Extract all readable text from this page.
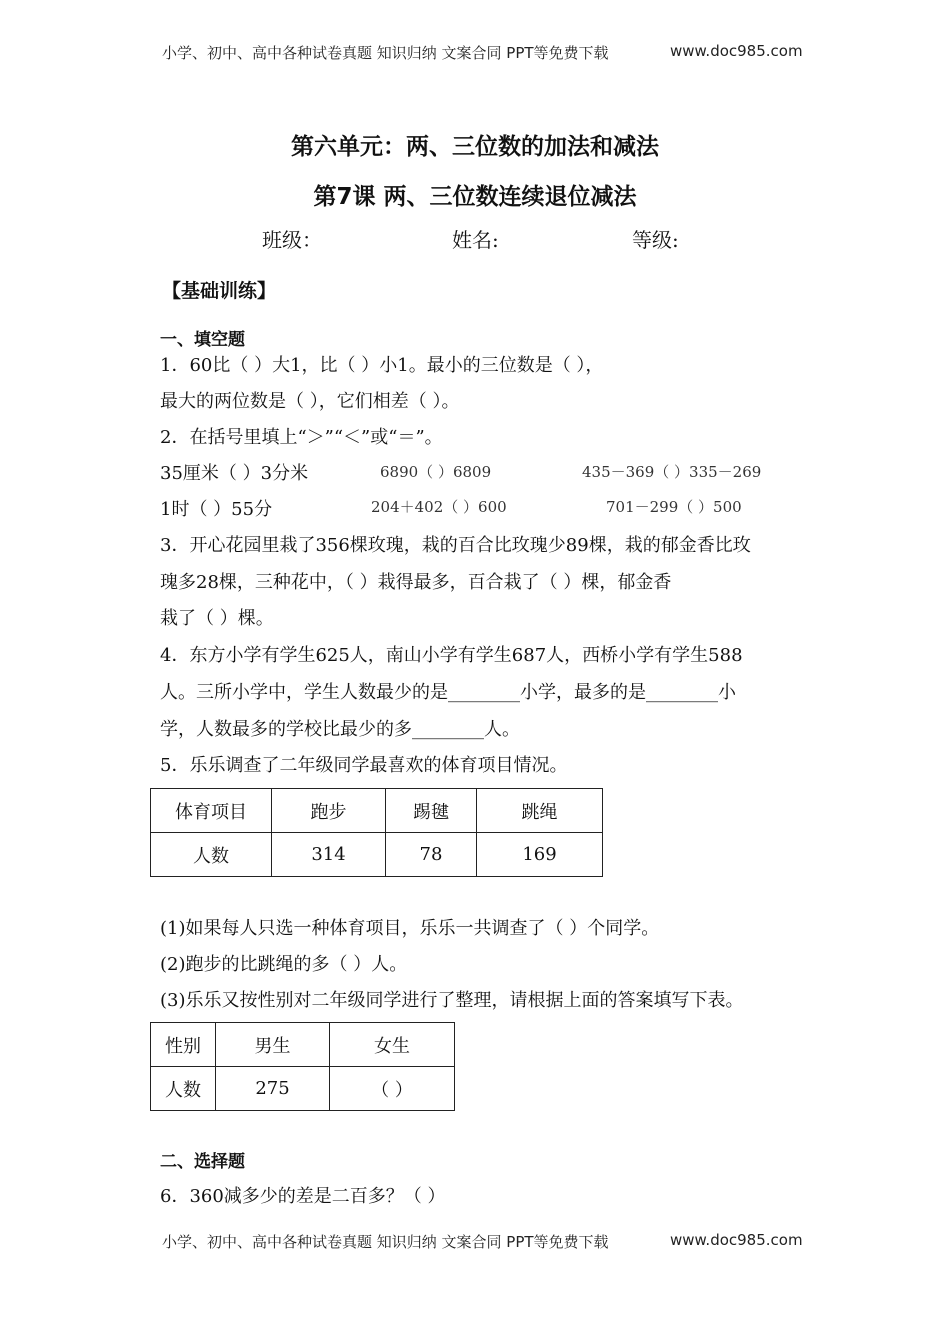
小学、初中、高中各种试卷真题 知识归纳 文案合同 PPT等免费下载	www.doc985.com
第六单元：两、三位数的加法和减法
第7课 两、三位数连续退位减法
班级：	姓名:	等级:
【基础训练】
一、填空题
1．60比（ ）大1，比（ ）小1。最小的三位数是（ ），
最大的两位数是（ ），它们相差（ ）。
2．在括号里填上“＞”“＜”或“＝”。
35厘米（ ）3分米	6890（ ）6809	435－369（ ）335－269
1时（ ）55分	204＋402（ ）600	701－299（ ）500
3．开心花园里栽了356棵玫瑰，栽的百合比玫瑰少89棵，栽的郁金香比玫
瑰多28棵，三种花中，（ ）栽得最多，百合栽了（ ）棵，郁金香
栽了（ ）棵。
4．东方小学有学生625人，南山小学有学生687人，西桥小学有学生588
人。三所小学中，学生人数最少的是________小学，最多的是________小
学，人数最多的学校比最少的多________人。
5．乐乐调查了二年级同学最喜欢的体育项目情况。
体育项目	跑步	踢毽	跳绳
人数	314	78	169
(1)如果每人只选一种体育项目，乐乐一共调查了（ ）个同学。
(2)跑步的比跳绳的多（ ）人。
(3)乐乐又按性别对二年级同学进行了整理，请根据上面的答案填写下表。
性别	男生	女生
人数	275	（ ）
二、选择题
6．360减多少的差是二百多？（ ）
小学、初中、高中各种试卷真题 知识归纳 文案合同 PPT等免费下载	www.doc985.com
